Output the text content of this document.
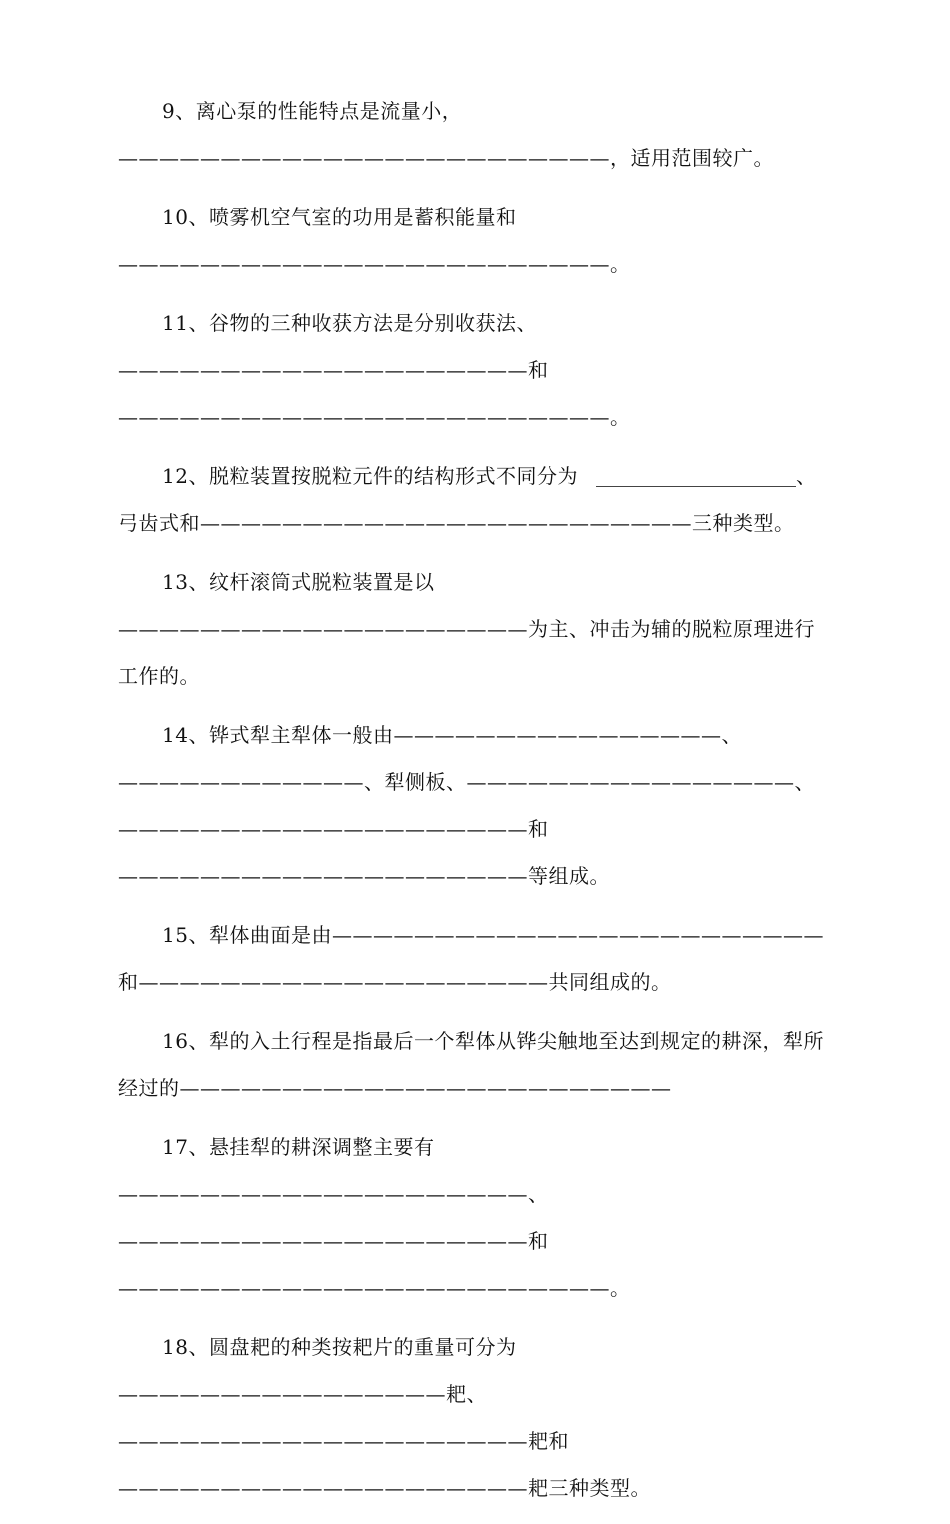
9、离心泵的性能特点是流量小，————————————————————————，适用范围较广。

10、喷雾机空气室的功用是蓄积能量和————————————————————————。

11、谷物的三种收获方法是分别收获法、————————————————————和————————————————————————。

12、脱粒装置按脱粒元件的结构形式不同分为	、弓齿式和————————————————————————三种类型。

13、纹杆滚筒式脱粒装置是以————————————————————为主、冲击为辅的脱粒原理进行工作的。

14、铧式犁主犁体一般由————————————————、————————————、犁侧板、————————————————、————————————————————和————————————————————等组成。

15、犁体曲面是由————————————————————————和————————————————————共同组成的。

16、犁的入土行程是指最后一个犁体从铧尖触地至达到规定的耕深，犁所经过的————————————————————————

17、悬挂犁的耕深调整主要有————————————————————、————————————————————和————————————————————————。

18、圆盘耙的种类按耙片的重量可分为————————————————耙、————————————————————耙和————————————————————耙三种类型。
